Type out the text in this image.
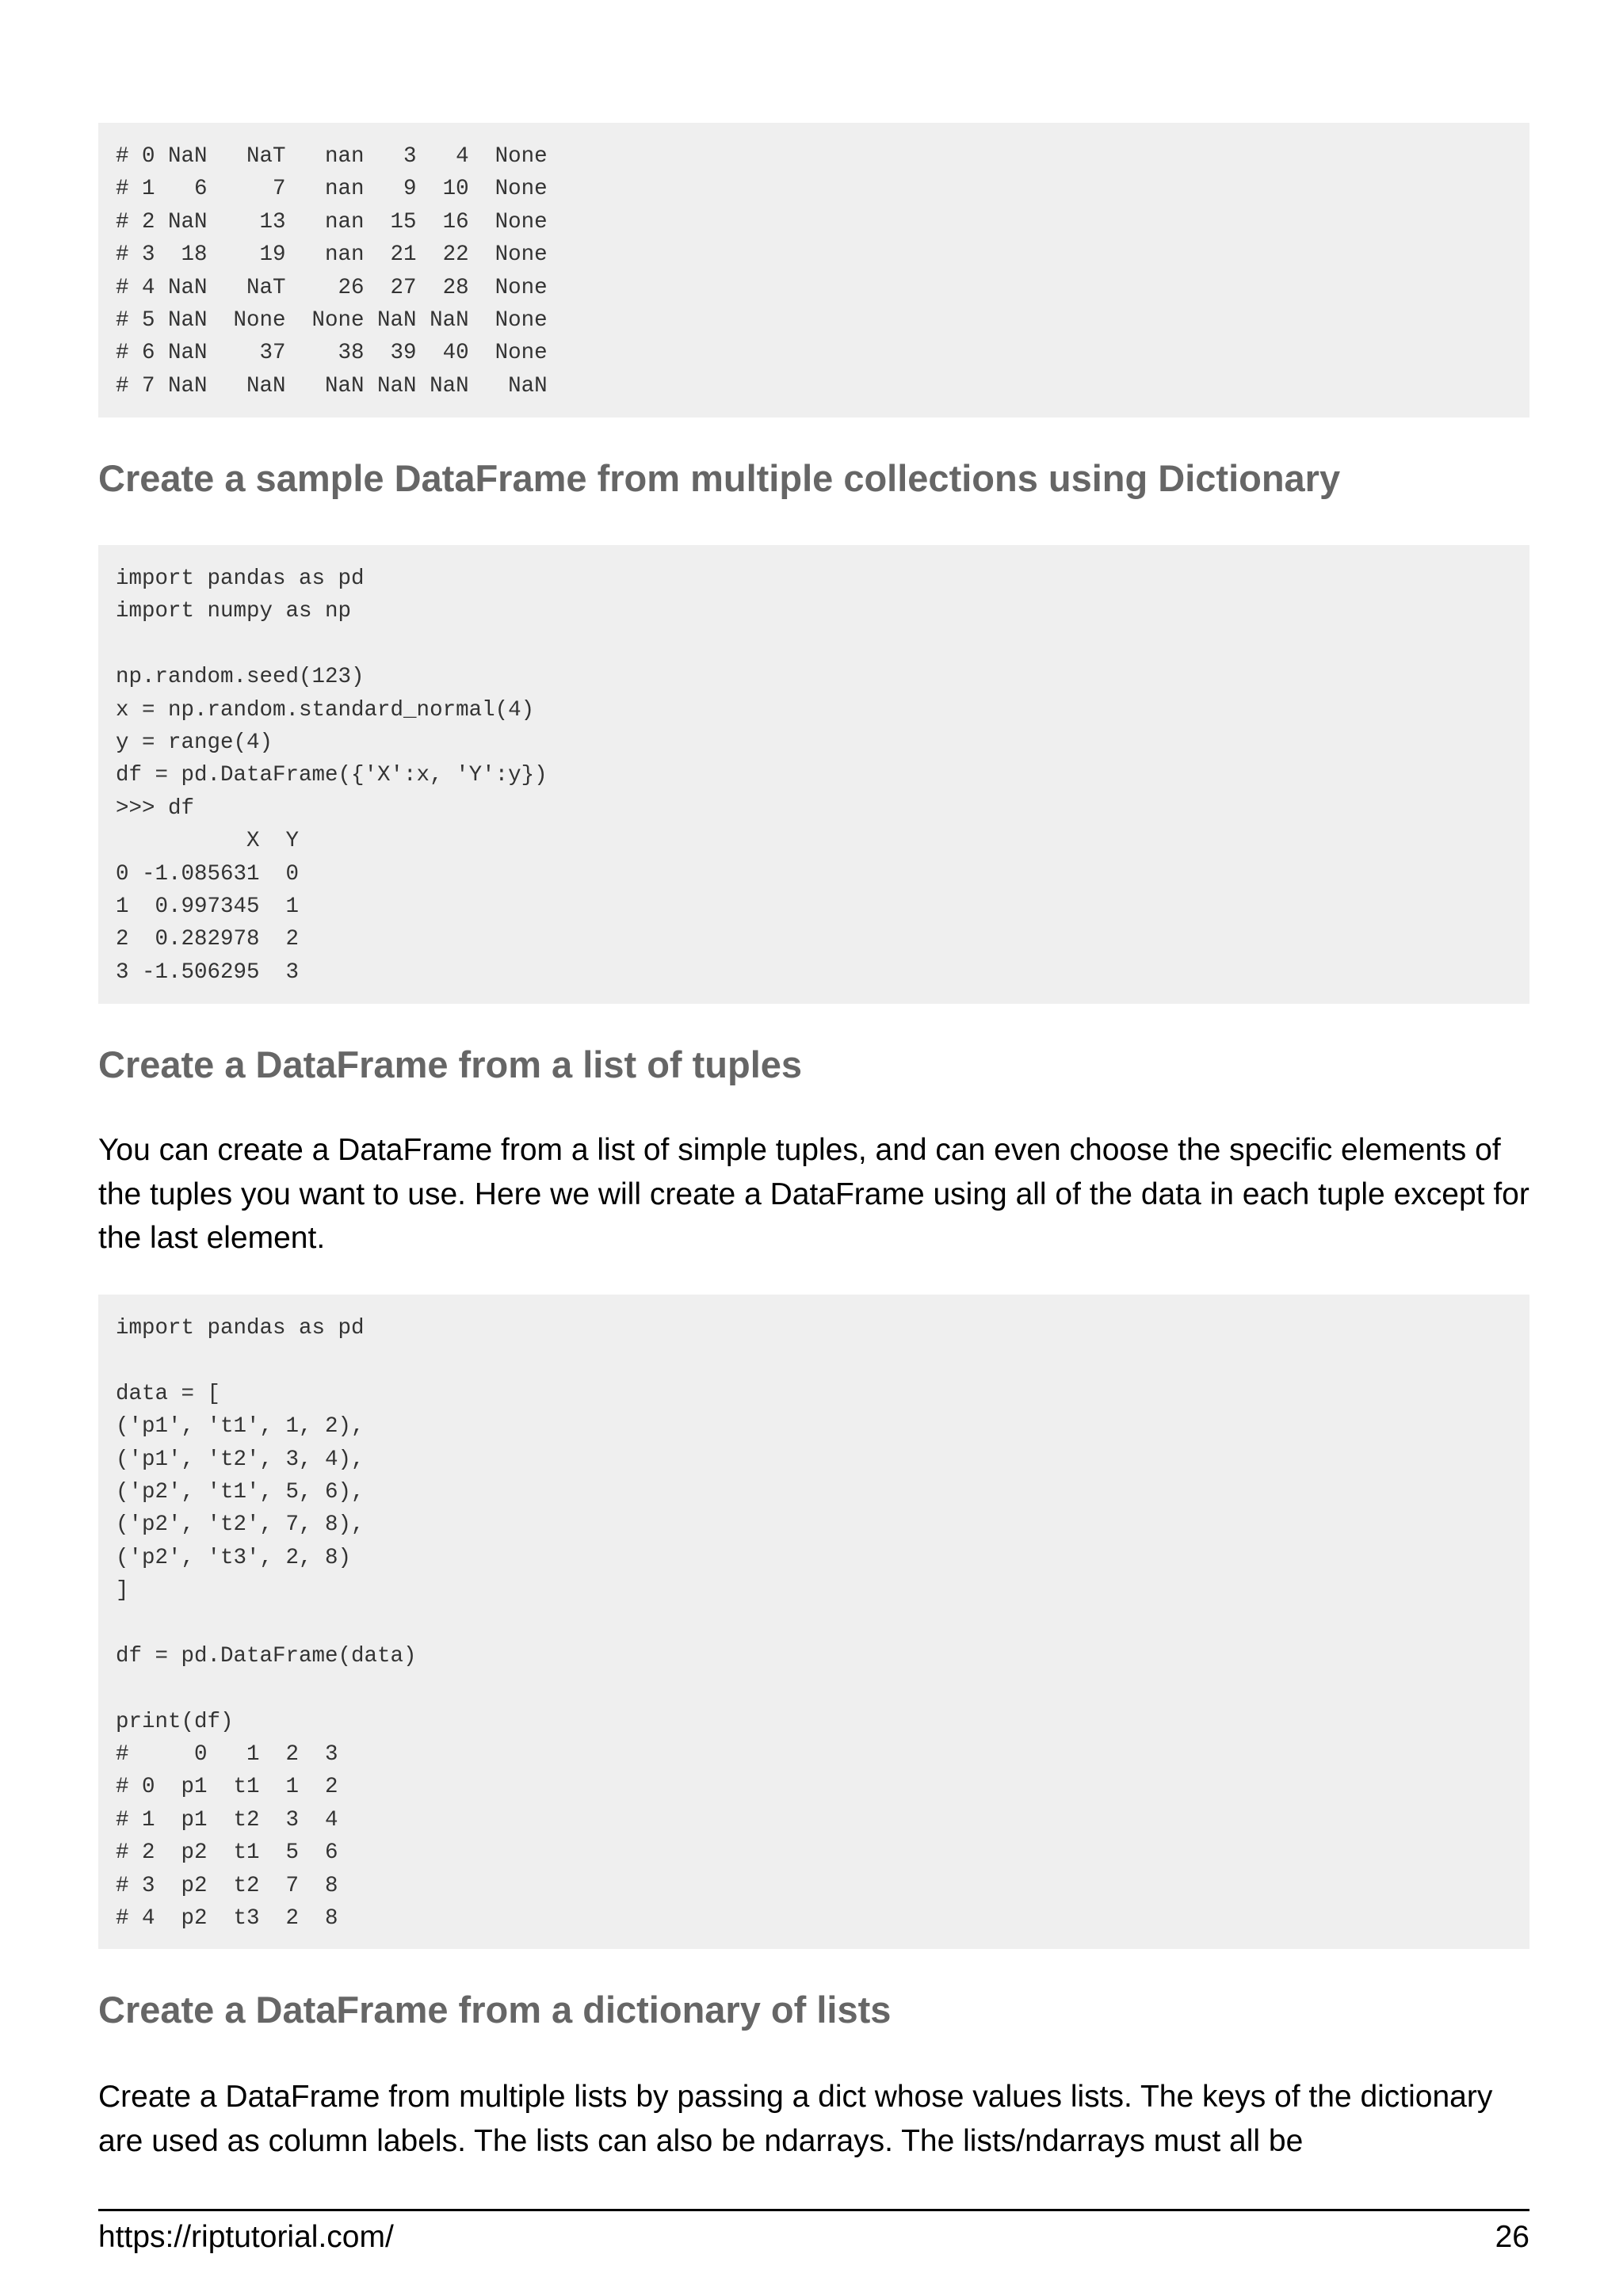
# 0 NaN   NaT   nan   3   4  None
# 1   6     7   nan   9  10  None
# 2 NaN    13   nan  15  16  None
# 3  18    19   nan  21  22  None
# 4 NaN   NaT    26  27  28  None
# 5 NaN  None  None NaN NaN  None
# 6 NaN    37    38  39  40  None
# 7 NaN   NaN   NaN NaN NaN   NaN
Create a sample DataFrame from multiple collections using Dictionary
import pandas as pd
import numpy as np
np.random.seed(123)
x = np.random.standard_normal(4)
y = range(4)
df = pd.DataFrame({'X':x, 'Y':y})
>>> df
X  Y
0 -1.085631  0
1  0.997345  1
2  0.282978  2
3 -1.506295  3
Create a DataFrame from a list of tuples

You can create a DataFrame from a list of simple tuples, and can even choose the specific elements of the tuples you want to use. Here we will create a DataFrame using all of the data in each tuple except for the last element.

import pandas as pd
data = [
('p1', 't1', 1, 2),
('p1', 't2', 3, 4),
('p2', 't1', 5, 6),
('p2', 't2', 7, 8),
('p2', 't3', 2, 8)
]
df = pd.DataFrame(data)
print(df)
#     0   1  2  3
# 0  p1  t1  1  2
# 1  p1  t2  3  4
# 2  p2  t1  5  6
# 3  p2  t2  7  8
# 4  p2  t3  2  8
Create a DataFrame from a dictionary of lists

Create a DataFrame from multiple lists by passing a dict whose values lists. The keys of the dictionary are used as column labels. The lists can also be ndarrays. The lists/ndarrays must all be

https://riptutorial.com/	26
